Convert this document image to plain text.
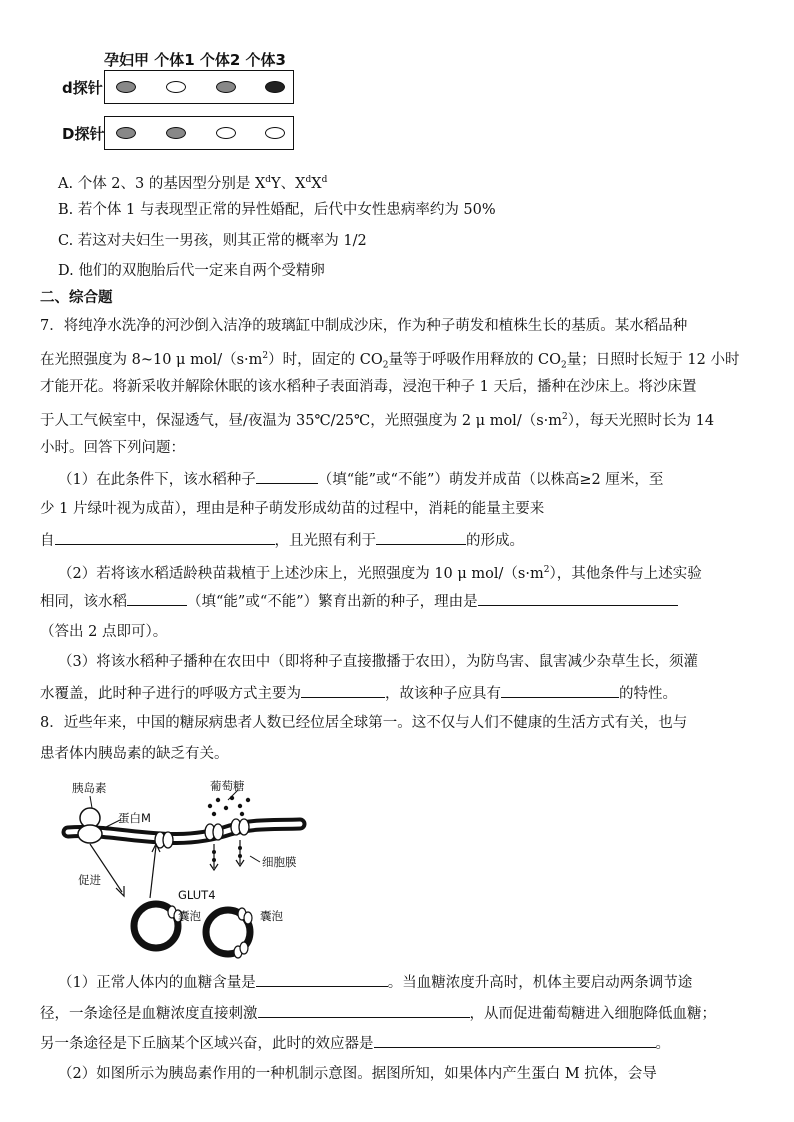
孕妇甲 个体1 个体2 个体3
d探针
D探针
A. 个体 2、3 的基因型分别是 $X^dY$、$X^dX^d$
B. 若个体 1 与表现型正常的异性婚配，后代中女性患病率约为 50%
C. 若这对夫妇生一男孩，则其正常的概率为 1/2
D. 他们的双胞胎后代一定来自两个受精卵
二、综合题
7．将纯净水洗净的河沙倒入洁净的玻璃缸中制成沙床，作为种子萌发和植株生长的基质。某水稻品种
在光照强度为 8~10 μ mol/$(s\cdot m^2)$时，固定的 $CO_2$量等于呼吸作用释放的 $CO_2$量；日照时长短于 12 小时
才能开花。将新采收并解除休眠的该水稻种子表面消毒，浸泡干种子 1 天后，播种在沙床上。将沙床置
于人工气候室中，保湿透气，昼/夜温为 35℃/25℃，光照强度为 2 μ mol/$(s\cdot m^2)$，每天光照时长为 14
小时。回答下列问题：
（1）在此条件下，该水稻种子	（填“能”或“不能”）萌发并成苗（以株高≥2 厘米，至
少 1 片绿叶视为成苗），理由是种子萌发形成幼苗的过程中，消耗的能量主要来
自	，且光照有利于	的形成。
（2）若将该水稻适龄秧苗栽植于上述沙床上，光照强度为 10 μ mol/$(s\cdot m^2)$，其他条件与上述实验
相同，该水稻	（填“能”或“不能”）繁育出新的种子，理由是
（答出 2 点即可）。
（3）将该水稻种子播种在农田中（即将种子直接撒播于农田），为防鸟害、鼠害减少杂草生长，须灌
水覆盖，此时种子进行的呼吸方式主要为	，故该种子应具有	的特性。
8．近些年来，中国的糖尿病患者人数已经位居全球第一。这不仅与人们不健康的生活方式有关，也与
患者体内胰岛素的缺乏有关。
胰岛素	葡萄糖
蛋白M
细胞膜
促进
GLUT4
囊泡	囊泡
（1）正常人体内的血糖含量是	。当血糖浓度升高时，机体主要启动两条调节途
径，一条途径是血糖浓度直接刺激	，从而促进葡萄糖进入细胞降低血糖；
另一条途径是下丘脑某个区域兴奋，此时的效应器是	。
（2）如图所示为胰岛素作用的一种机制示意图。据图所知，如果体内产生蛋白 M 抗体，会导
